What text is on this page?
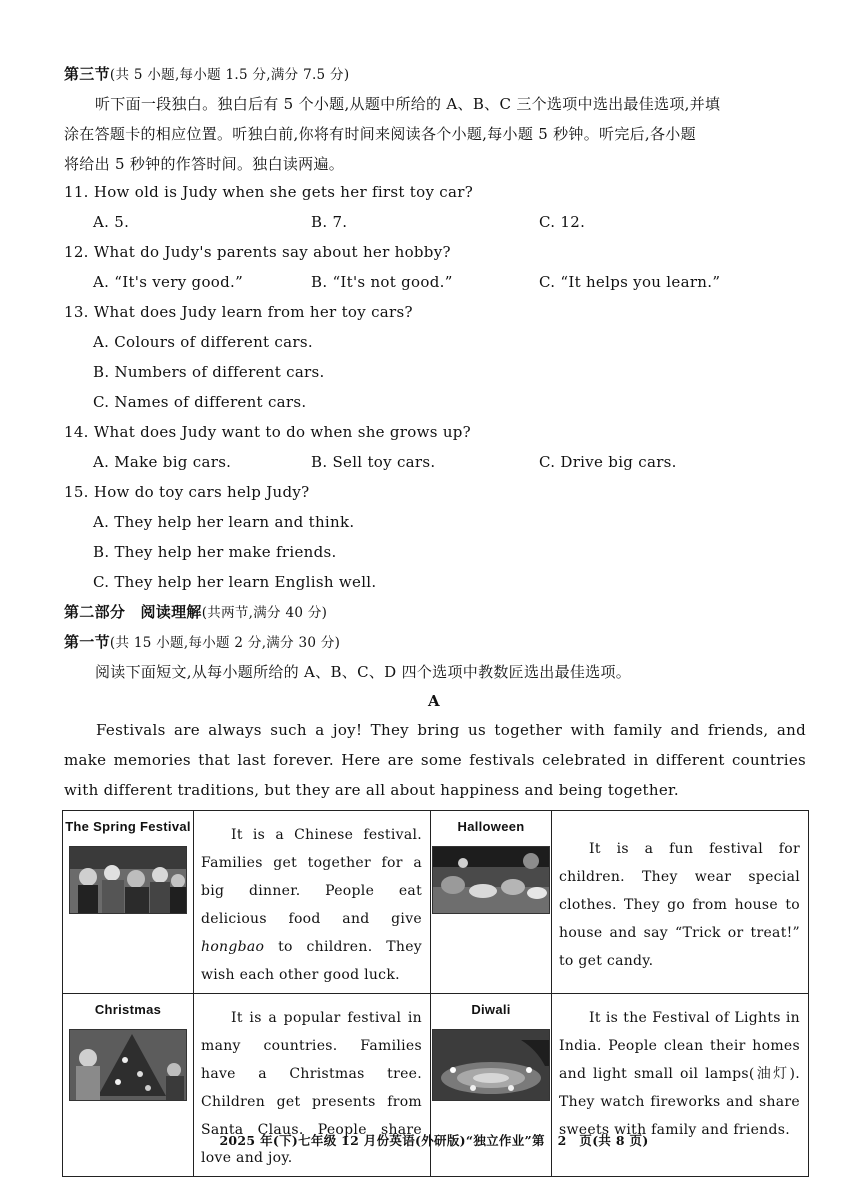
第三节(共 5 小题,每小题 1.5 分,满分 7.5 分)
听下面一段独白。独白后有 5 个小题,从题中所给的 A、B、C 三个选项中选出最佳选项,并填
涂在答题卡的相应位置。听独白前,你将有时间来阅读各个小题,每小题 5 秒钟。听完后,各小题
将给出 5 秒钟的作答时间。独白读两遍。
11. How old is Judy when she gets her first toy car?
A. 5.	B. 7.	C. 12.
12. What do Judy's parents say about her hobby?
A. “It's very good.”	B. “It's not good.”	C. “It helps you learn.”
13. What does Judy learn from her toy cars?
A. Colours of different cars.
B. Numbers of different cars.
C. Names of different cars.
14. What does Judy want to do when she grows up?
A. Make big cars.	B. Sell toy cars.	C. Drive big cars.
15. How do toy cars help Judy?
A. They help her learn and think.
B. They help her make friends.
C. They help her learn English well.
第二部分　阅读理解(共两节,满分 40 分)
第一节(共 15 小题,每小题 2 分,满分 30 分)
阅读下面短文,从每小题所给的 A、B、C、D 四个选项中教数匠选出最佳选项。
A
Festivals are always such a joy! They bring us together with family and friends, and make memories that last forever. Here are some festivals celebrated in different countries with different traditions, but they are all about happiness and being together.
The Spring Festival	It is a Chinese festival. Families get together for a big dinner. People eat delicious food and give hongbao to children. They wish each other good luck.	Halloween	It is a fun festival for children. They wear special clothes. They go from house to house and say “Trick or treat!” to get candy.

Christmas	It is a popular festival in many countries. Families have a Christmas tree. Children get presents from Santa Claus. People share love and joy.	Diwali	It is the Festival of Lights in India. People clean their homes and light small oil lamps(油灯). They watch fireworks and share sweets with family and friends.
2025 年(下)七年级 12 月份英语(外研版)“独立作业”第　2　页(共 8 页)
